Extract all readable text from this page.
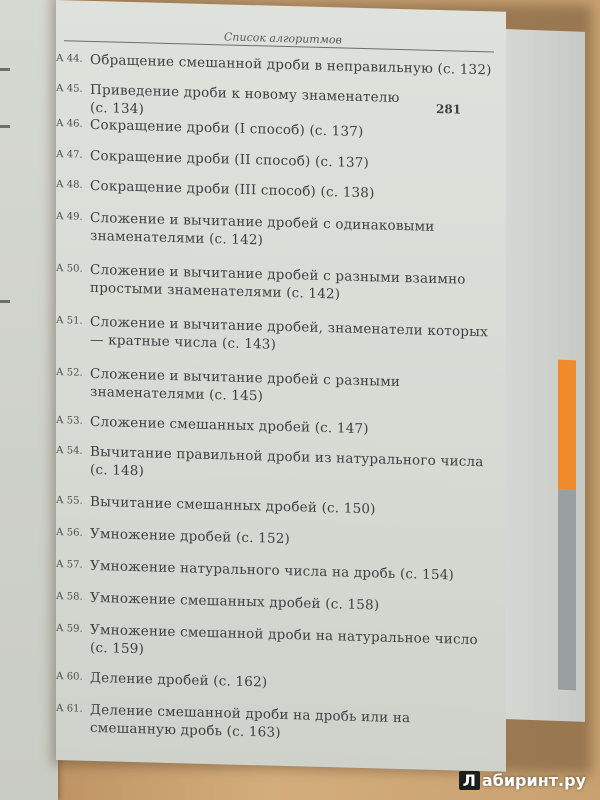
Список алгоритмов
281
А 44. Обращение смешанной дроби в неправильную (с. 132)
А 45. Приведение дроби к новому знаменателю (с. 134)
А 46. Сокращение дроби (I способ) (с. 137)
А 47. Сокращение дроби (II способ) (с. 137)
А 48. Сокращение дроби (III способ) (с. 138)
А 49. Сложение и вычитание дробей с одинаковыми знаменателями (с. 142)
А 50. Сложение и вычитание дробей с разными взаимно простыми знаменателями (с. 142)
А 51. Сложение и вычитание дробей, знаменатели которых — кратные числа (с. 143)
А 52. Сложение и вычитание дробей с разными знаменателями (с. 145)
А 53. Сложение смешанных дробей (с. 147)
А 54. Вычитание правильной дроби из натурального числа (с. 148)
А 55. Вычитание смешанных дробей (с. 150)
А 56. Умножение дробей (с. 152)
А 57. Умножение натурального числа на дробь (с. 154)
А 58. Умножение смешанных дробей (с. 158)
А 59. Умножение смешанной дроби на натуральное число (с. 159)
А 60. Деление дробей (с. 162)
А 61. Деление смешанной дроби на дробь или на смешанную дробь (с. 163)
Л абиринт.ру
